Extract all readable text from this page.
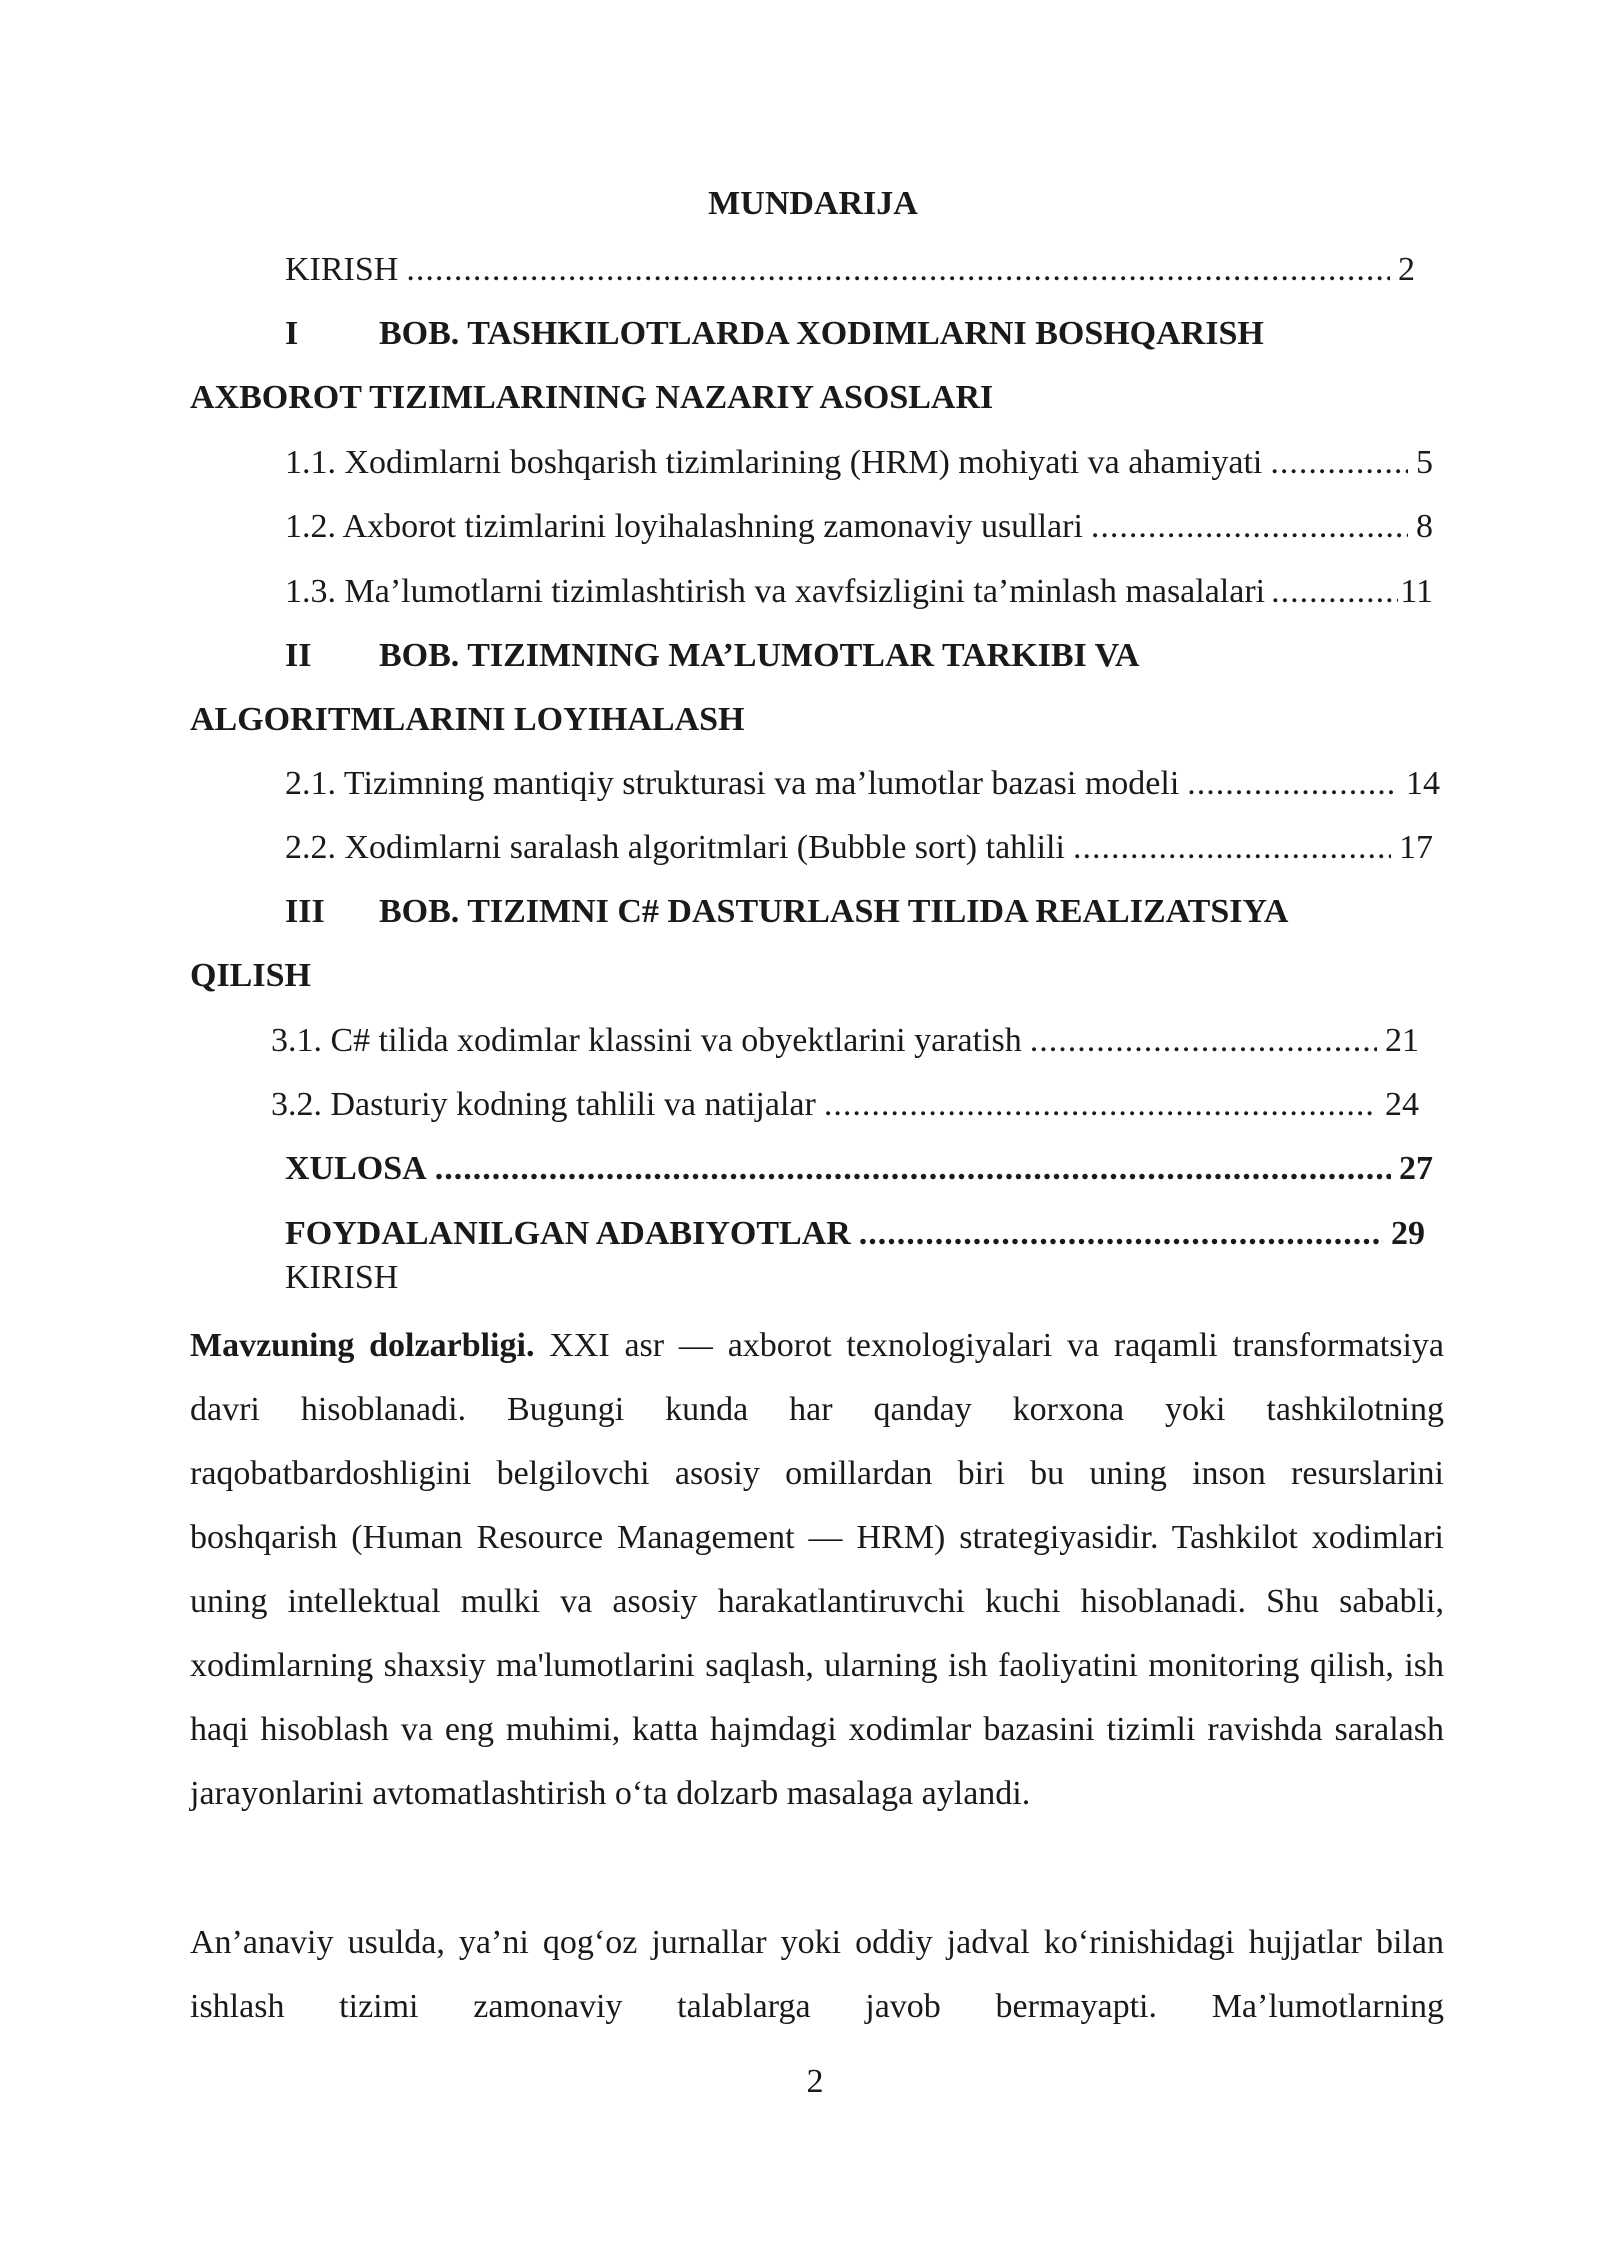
MUNDARIJA
KIRISH .....	2
I BOB. TASHKILOTLARDA XODIMLARNI BOSHQARISH
AXBOROT TIZIMLARINING NAZARIY ASOSLARI
1.1. Xodimlarni boshqarish tizimlarining (HRM) mohiyati va ahamiyati .....	5
1.2. Axborot tizimlarini loyihalashning zamonaviy usullari .....	8
1.3. Ma’lumotlarni tizimlashtirish va xavfsizligini ta’minlash masalalari .....	11
II BOB. TIZIMNING MA’LUMOTLAR TARKIBI VA
ALGORITMLARINI LOYIHALASH
2.1. Tizimning mantiqiy strukturasi va ma’lumotlar bazasi modeli .....	14
2.2. Xodimlarni saralash algoritmlari (Bubble sort) tahlili .....	17
III BOB. TIZIMNI C# DASTURLASH TILIDA REALIZATSIYA
QILISH
3.1. C# tilida xodimlar klassini va obyektlarini yaratish .....	21
3.2. Dasturiy kodning tahlili va natijalar .....	24
XULOSA .....	27
FOYDALANILGAN ADABIYOTLAR .....	29
KIRISH
Mavzuning dolzarbligi. XXI asr — axborot texnologiyalari va raqamli transformatsiya davri hisoblanadi. Bugungi kunda har qanday korxona yoki tashkilotning raqobatbardoshligini belgilovchi asosiy omillardan biri bu uning inson resurslarini boshqarish (Human Resource Management — HRM) strategiyasidir. Tashkilot xodimlari uning intellektual mulki va asosiy harakatlantiruvchi kuchi hisoblanadi. Shu sababli, xodimlarning shaxsiy ma'lumotlarini saqlash, ularning ish faoliyatini monitoring qilish, ish haqi hisoblash va eng muhimi, katta hajmdagi xodimlar bazasini tizimli ravishda saralash jarayonlarini avtomatlashtirish o‘ta dolzarb masalaga aylandi.
An’anaviy usulda, ya’ni qog‘oz jurnallar yoki oddiy jadval ko‘rinishidagi hujjatlar bilan ishlash tizimi zamonaviy talablarga javob bermayapti. Ma’lumotlarning
2
